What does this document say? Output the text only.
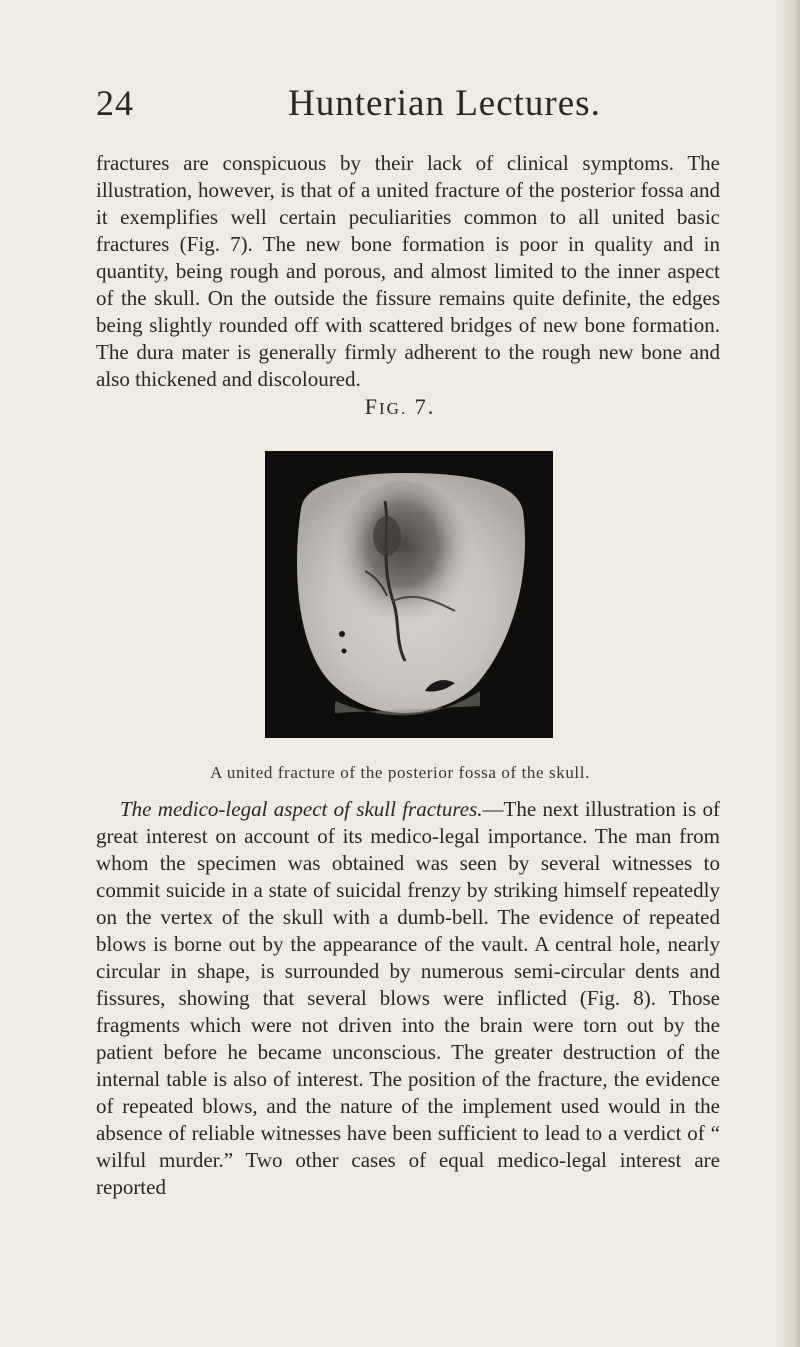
24	Hunterian Lectures.

fractures are conspicuous by their lack of clinical symptoms. The illustration, however, is that of a united fracture of the posterior fossa and it exemplifies well certain peculiarities common to all united basic fractures (Fig. 7). The new bone formation is poor in quality and in quantity, being rough and porous, and almost limited to the inner aspect of the skull. On the outside the fissure remains quite definite, the edges being slightly rounded off with scattered bridges of new bone formation. The dura mater is generally firmly adherent to the rough new bone and also thickened and discoloured.

FIG. 7.
A united fracture of the posterior fossa of the skull.

The medico-legal aspect of skull fractures.—The next illustration is of great interest on account of its medico-legal importance. The man from whom the specimen was obtained was seen by several witnesses to commit suicide in a state of suicidal frenzy by striking himself repeatedly on the vertex of the skull with a dumb-bell. The evidence of repeated blows is borne out by the appearance of the vault. A central hole, nearly circular in shape, is surrounded by numerous semi-circular dents and fissures, showing that several blows were inflicted (Fig. 8). Those fragments which were not driven into the brain were torn out by the patient before he became unconscious. The greater destruction of the internal table is also of interest. The position of the fracture, the evidence of repeated blows, and the nature of the implement used would in the absence of reliable witnesses have been sufficient to lead to a verdict of “ wilful murder.” Two other cases of equal medico-legal interest are reported
